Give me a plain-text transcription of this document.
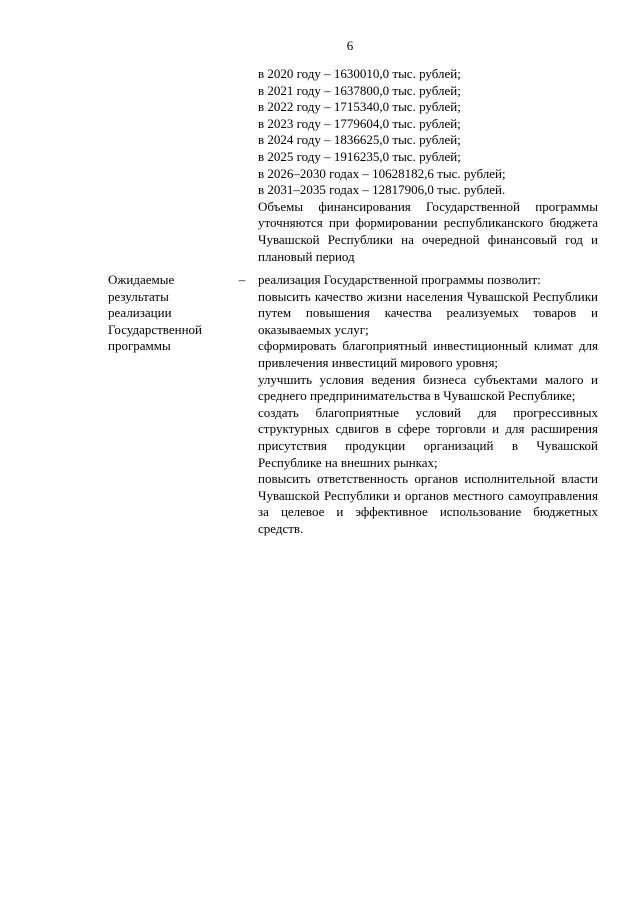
6
в 2020 году – 1630010,0 тыс. рублей;
в 2021 году – 1637800,0 тыс. рублей;
в 2022 году – 1715340,0 тыс. рублей;
в 2023 году – 1779604,0 тыс. рублей;
в 2024 году – 1836625,0 тыс. рублей;
в 2025 году – 1916235,0 тыс. рублей;
в 2026–2030 годах – 10628182,6 тыс. рублей;
в 2031–2035 годах – 12817906,0 тыс. рублей.

Объемы финансирования Государственной программы уточняются при формировании республиканского бюджета Чувашской Республики на очередной финансовый год и плановый период

Ожидаемые результаты реализации Государственной программы
– реализация Государственной программы позволит:

повысить качество жизни населения Чувашской Республики путем повышения качества реализуемых товаров и оказываемых услуг;

сформировать благоприятный инвестиционный климат для привлечения инвестиций мирового уровня;

улучшить условия ведения бизнеса субъектами малого и среднего предпринимательства в Чувашской Республике;

создать благоприятные условий для прогрессивных структурных сдвигов в сфере торговли и для расширения присутствия продукции организаций в Чувашской Республике на внешних рынках;

повысить ответственность органов исполнительной власти Чувашской Республики и органов местного самоуправления за целевое и эффективное использование бюджетных средств.
